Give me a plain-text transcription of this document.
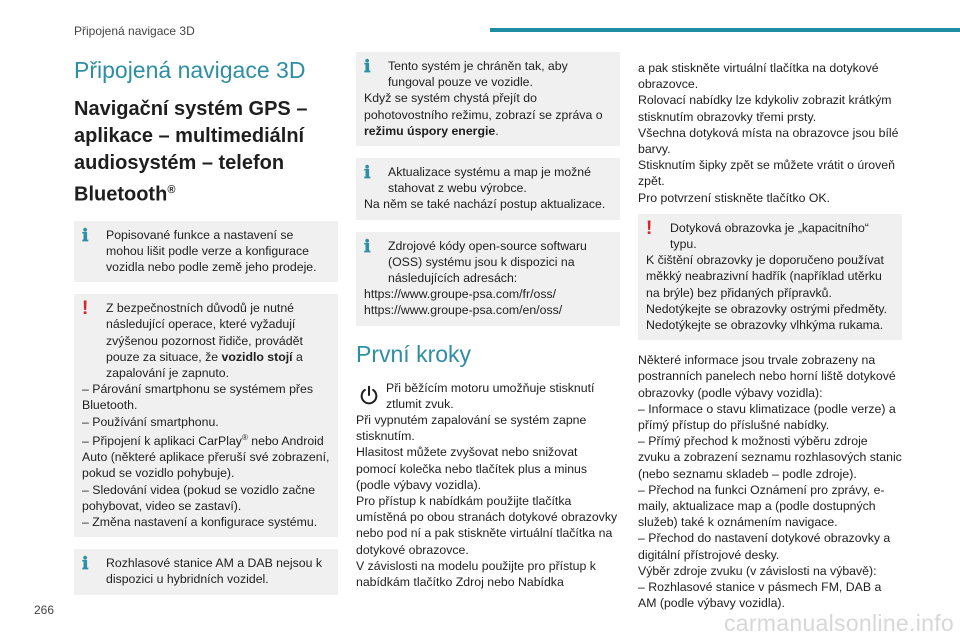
Připojená navigace 3D
Připojená navigace 3D
Navigační systém GPS – aplikace – multimediální audiosystém – telefon Bluetooth®
ℹ	Popisované funkce a nastavení se mohou lišit podle verze a konfigurace vozidla nebo podle země jeho prodeje.

!	Z bezpečnostních důvodů je nutné následující operace, které vyžadují zvýšenou pozornost řidiče, provádět pouze za situace, že vozidlo stojí a zapalování je zapnuto.

– Párování smartphonu se systémem přes Bluetooth.

– Používání smartphonu.

– Připojení k aplikaci CarPlay® nebo Android Auto (některé aplikace přeruší své zobrazení, pokud se vozidlo pohybuje).

– Sledování videa (pokud se vozidlo začne pohybovat, video se zastaví).

– Změna nastavení a konfigurace systému.

ℹ	Rozhlasové stanice AM a DAB nejsou k dispozici u hybridních vozidel.

ℹ	Tento systém je chráněn tak, aby fungoval pouze ve vozidle.

Když se systém chystá přejít do pohotovostního režimu, zobrazí se zpráva o režimu úspory energie.

ℹ	Aktualizace systému a map je možné stahovat z webu výrobce.

Na něm se také nachází postup aktualizace.

ℹ	Zdrojové kódy open-source softwaru (OSS) systému jsou k dispozici na následujících adresách:

https://www.groupe-psa.com/fr/oss/

https://www.groupe-psa.com/en/oss/

První kroky

Při běžícím motoru umožňuje stisknutí ztlumit zvuk.

Při vypnutém zapalování se systém zapne stisknutím.

Hlasitost můžete zvyšovat nebo snižovat pomocí kolečka nebo tlačítek plus a minus (podle výbavy vozidla).

Pro přístup k nabídkám použijte tlačítka umístěná po obou stranách dotykové obrazovky nebo pod ní a pak stiskněte virtuální tlačítka na dotykové obrazovce.

V závislosti na modelu použijte pro přístup k nabídkám tlačítko Zdroj nebo Nabídka

a pak stiskněte virtuální tlačítka na dotykové obrazovce.

Rolovací nabídky lze kdykoliv zobrazit krátkým stisknutím obrazovky třemi prsty.

Všechna dotyková místa na obrazovce jsou bílé barvy.

Stisknutím šipky zpět se můžete vrátit o úroveň zpět.

Pro potvrzení stiskněte tlačítko OK.

!	Dotyková obrazovka je „kapacitního“ typu.

K čištění obrazovky je doporučeno používat měkký neabrazivní hadřík (například utěrku na brýle) bez přidaných přípravků.

Nedotýkejte se obrazovky ostrými předměty.

Nedotýkejte se obrazovky vlhkýma rukama.

Některé informace jsou trvale zobrazeny na postranních panelech nebo horní liště dotykové obrazovky (podle výbavy vozidla):

– Informace o stavu klimatizace (podle verze) a přímý přístup do příslušné nabídky.

– Přímý přechod k možnosti výběru zdroje zvuku a zobrazení seznamu rozhlasových stanic (nebo seznamu skladeb – podle zdroje).

– Přechod na funkci Oznámení pro zprávy, e-maily, aktualizace map a (podle dostupných služeb) také k oznámením navigace.

– Přechod do nastavení dotykové obrazovky a digitální přístrojové desky.

Výběr zdroje zvuku (v závislosti na výbavě):

– Rozhlasové stanice v pásmech FM, DAB a AM (podle výbavy vozidla).

266	carmanualsonline.info
